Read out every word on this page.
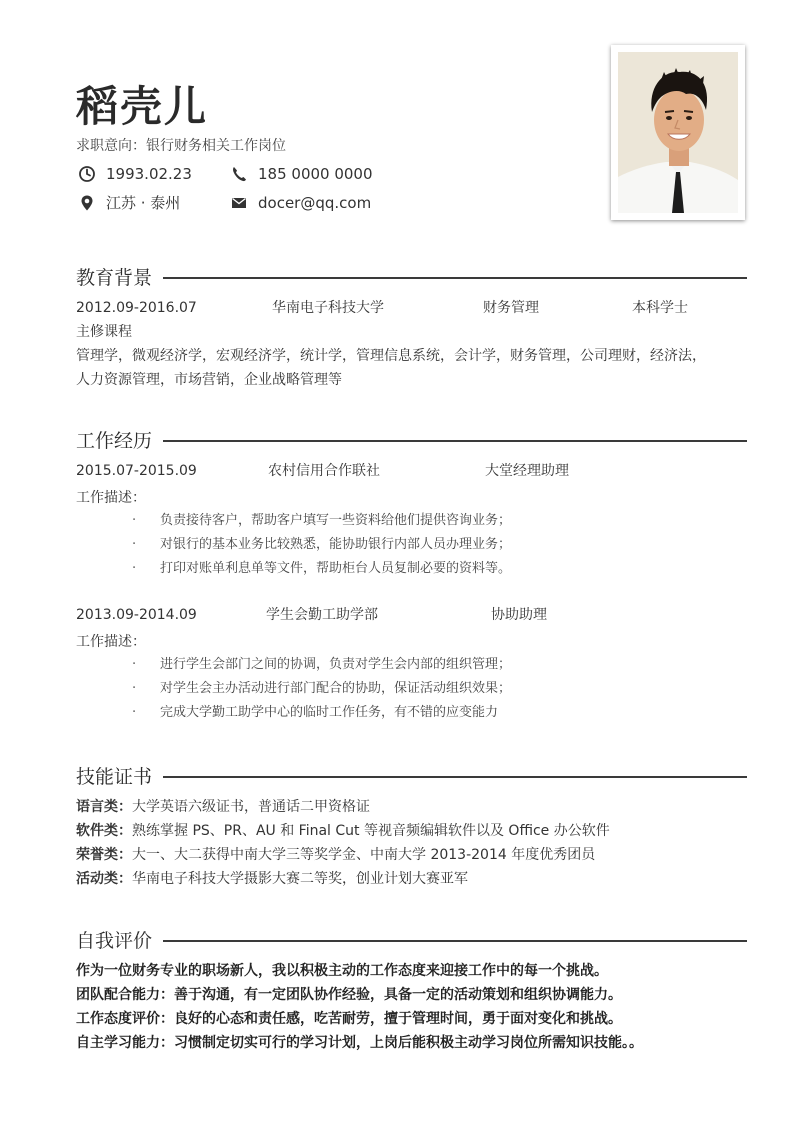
稻壳儿
求职意向：银行财务相关工作岗位
1993.02.23	185 0000 0000
江苏 · 泰州	docer@qq.com
教育背景
2012.09-2016.07	华南电子科技大学	财务管理	本科学士
主修课程
管理学，微观经济学，宏观经济学，统计学，管理信息系统，会计学，财务管理，公司理财，经济法，
人力资源管理，市场营销，企业战略管理等
工作经历
2015.07-2015.09	农村信用合作联社	大堂经理助理
工作描述：
· 负责接待客户，帮助客户填写一些资料给他们提供咨询业务；
· 对银行的基本业务比较熟悉，能协助银行内部人员办理业务；
· 打印对账单利息单等文件，帮助柜台人员复制必要的资料等。
2013.09-2014.09	学生会勤工助学部	协助助理
工作描述：
· 进行学生会部门之间的协调，负责对学生会内部的组织管理；
· 对学生会主办活动进行部门配合的协助，保证活动组织效果；
· 完成大学勤工助学中心的临时工作任务，有不错的应变能力
技能证书
语言类：大学英语六级证书，普通话二甲资格证
软件类：熟练掌握 PS、PR、AU 和 Final Cut 等视音频编辑软件以及 Office 办公软件
荣誉类：大一、大二获得中南大学三等奖学金、中南大学 2013-2014 年度优秀团员
活动类：华南电子科技大学摄影大赛二等奖，创业计划大赛亚军
自我评价
作为一位财务专业的职场新人，我以积极主动的工作态度来迎接工作中的每一个挑战。
团队配合能力：善于沟通，有一定团队协作经验，具备一定的活动策划和组织协调能力。
工作态度评价：良好的心态和责任感，吃苦耐劳，擅于管理时间，勇于面对变化和挑战。
自主学习能力：习惯制定切实可行的学习计划，上岗后能积极主动学习岗位所需知识技能。。
